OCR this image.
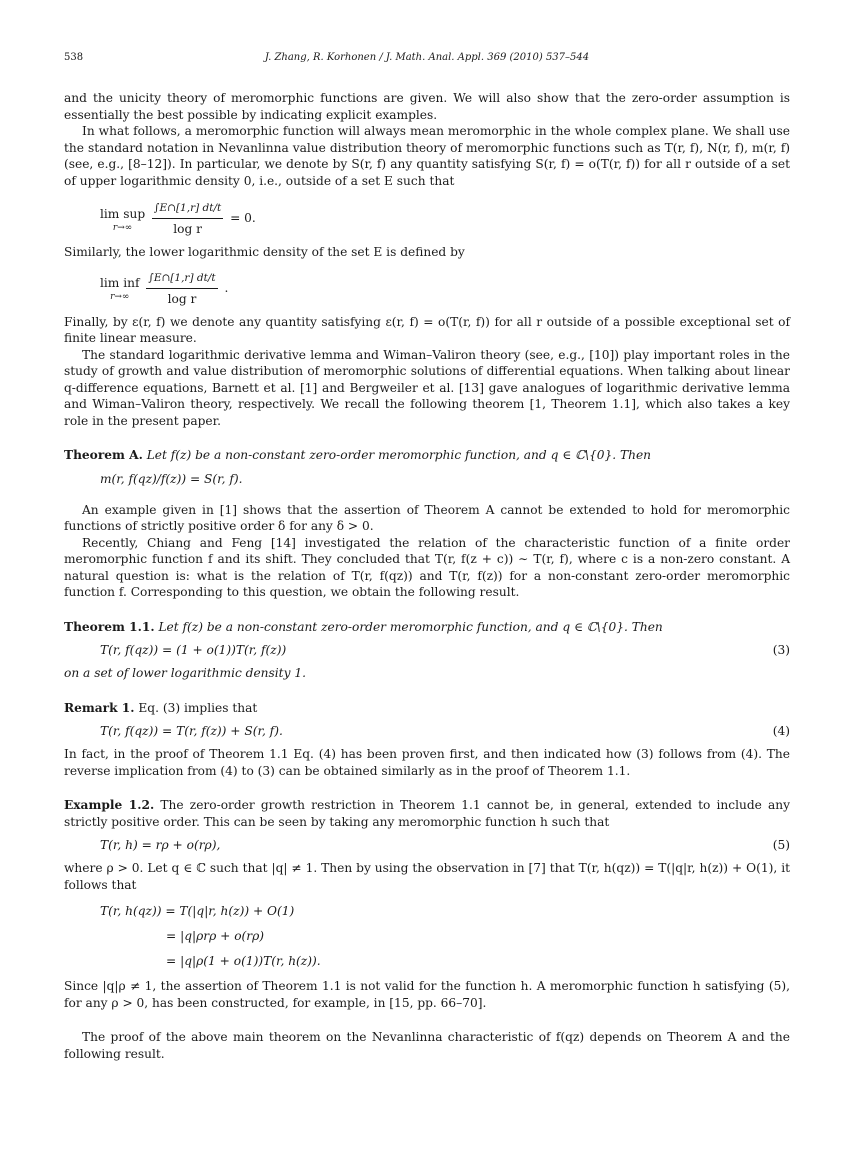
538	J. Zhang, R. Korhonen / J. Math. Anal. Appl. 369 (2010) 537–544

and the unicity theory of meromorphic functions are given. We will also show that the zero-order assumption is essentially the best possible by indicating explicit examples.

In what follows, a meromorphic function will always mean meromorphic in the whole complex plane. We shall use the standard notation in Nevanlinna value distribution theory of meromorphic functions such as T(r, f), N(r, f), m(r, f) (see, e.g., [8–12]). In particular, we denote by S(r, f) any quantity satisfying S(r, f) = o(T(r, f)) for all r outside of a set of upper logarithmic density 0, i.e., outside of a set E such that

lim sup
r→∞
	$\frac{\int E\cap[1,r] dt/t}{\text{log r}} = 0$.

Similarly, the lower logarithmic density of the set E is defined by

lim inf
r→∞
	$\frac{\int E\cap[1,r] dt/t}{\text{log r}}$ .

Finally, by ε(r, f) we denote any quantity satisfying ε(r, f) = o(T(r, f)) for all r outside of a possible exceptional set of finite linear measure.

The standard logarithmic derivative lemma and Wiman–Valiron theory (see, e.g., [10]) play important roles in the study of growth and value distribution of meromorphic solutions of differential equations. When talking about linear q-difference equations, Barnett et al. [1] and Bergweiler et al. [13] gave analogues of logarithmic derivative lemma and Wiman–Valiron theory, respectively. We recall the following theorem [1, Theorem 1.1], which also takes a key role in the present paper.

Theorem A. Let f(z) be a non-constant zero-order meromorphic function, and q ∈ ℂ\{0}. Then

m(r, f(qz)/f(z)) = S(r, f).

An example given in [1] shows that the assertion of Theorem A cannot be extended to hold for meromorphic functions of strictly positive order δ for any δ > 0.

Recently, Chiang and Feng [14] investigated the relation of the characteristic function of a finite order meromorphic function f and its shift. They concluded that T(r, f(z + c)) ∼ T(r, f), where c is a non-zero constant. A natural question is: what is the relation of T(r, f(qz)) and T(r, f(z)) for a non-constant zero-order meromorphic function f. Corresponding to this question, we obtain the following result.

Theorem 1.1. Let f(z) be a non-constant zero-order meromorphic function, and q ∈ ℂ\{0}. Then

T(r, f(qz)) = (1 + o(1))T(r, f(z))	(3)

on a set of lower logarithmic density 1.

Remark 1. Eq. (3) implies that

T(r, f(qz)) = T(r, f(z)) + S(r, f).	(4)

In fact, in the proof of Theorem 1.1 Eq. (4) has been proven first, and then indicated how (3) follows from (4). The reverse implication from (4) to (3) can be obtained similarly as in the proof of Theorem 1.1.

Example 1.2. The zero-order growth restriction in Theorem 1.1 cannot be, in general, extended to include any strictly positive order. This can be seen by taking any meromorphic function h such that

T(r, h) = rρ + o(rρ),	(5)

where ρ > 0. Let q ∈ ℂ such that |q| ≠ 1. Then by using the observation in [7] that T(r, h(qz)) = T(|q|r, h(z)) + O(1), it follows that

T(r, h(qz)) = T(|q|r, h(z)) + O(1)
= |q|ρrρ + o(rρ)
= |q|ρ(1 + o(1))T(r, h(z)).

Since |q|ρ ≠ 1, the assertion of Theorem 1.1 is not valid for the function h. A meromorphic function h satisfying (5), for any ρ > 0, has been constructed, for example, in [15, pp. 66–70].

The proof of the above main theorem on the Nevanlinna characteristic of f(qz) depends on Theorem A and the following result.
